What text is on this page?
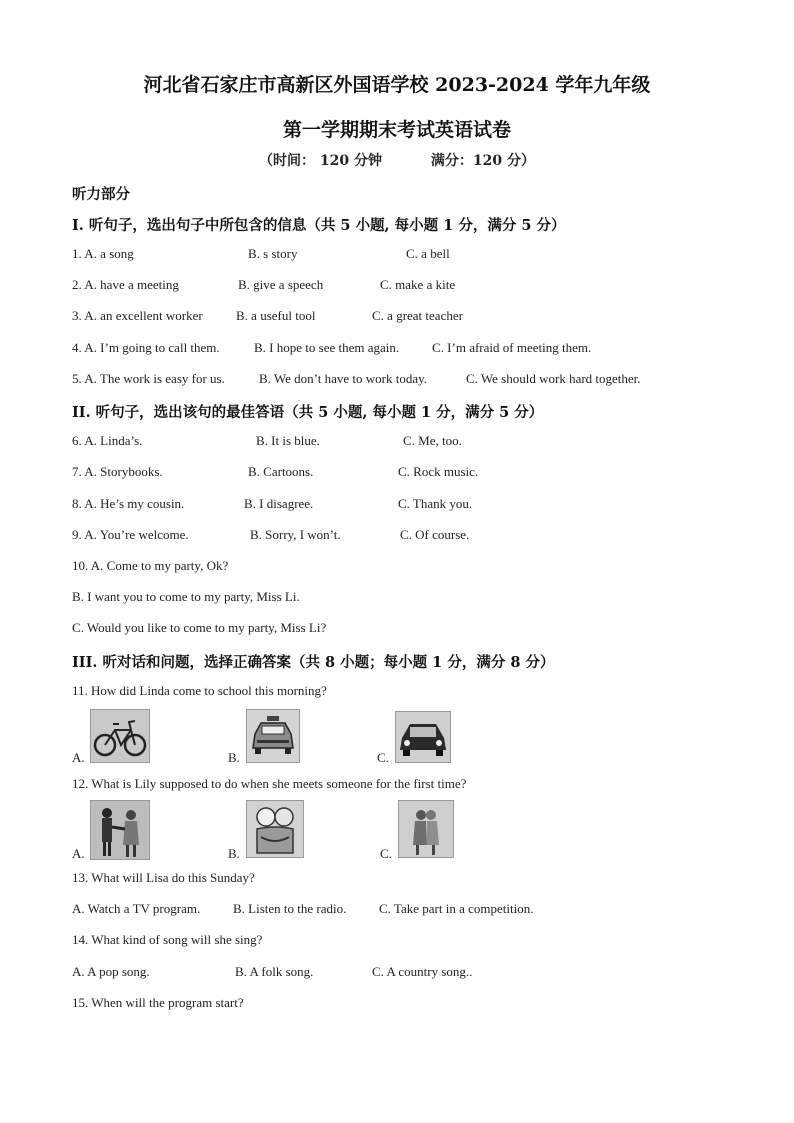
河北省石家庄市高新区外国语学校 2023-2024 学年九年级
第一学期期末考试英语试卷
（时间： 120 分钟	满分：120 分）
听力部分
I. 听句子，选出句子中所包含的信息（共 5 小题, 每小题 1 分，满分 5 分）
1. A. a song	B. s story	C. a bell
2. A. have a meeting	B. give a speech	C. make a kite
3. A. an excellent worker	B. a useful tool	C. a great teacher
4. A. I’m going to call them.	B. I hope to see them again.	C. I’m afraid of meeting them.
5. A. The work is easy for us.	B. We don’t have to work today.	C. We should work hard together.
II. 听句子，选出该句的最佳答语（共 5 小题, 每小题 1 分，满分 5 分）
6. A. Linda’s.	B. It is blue.	C. Me, too.
7. A. Storybooks.	B. Cartoons.	C. Rock music.
8. A. He’s my cousin.	B. I disagree.	C. Thank you.
9. A. You’re welcome.	B. Sorry, I won’t.	C. Of course.
10. A. Come to my party, Ok?
B. I want you to come to my party, Miss Li.
C. Would you like to come to my party, Miss Li?
III. 听对话和问题，选择正确答案（共 8 小题；每小题 1 分，满分 8 分）
11. How did Linda come to school this morning?
A.	B.	C.
12. What is Lily supposed to do when she meets someone for the first time?
A.	B.	C.
13. What will Lisa do this Sunday?
A. Watch a TV program.	B. Listen to the radio.	C. Take part in a competition.
14. What kind of song will she sing?
A. A pop song.	B. A folk song.	C. A country song..
15. When will the program start?
